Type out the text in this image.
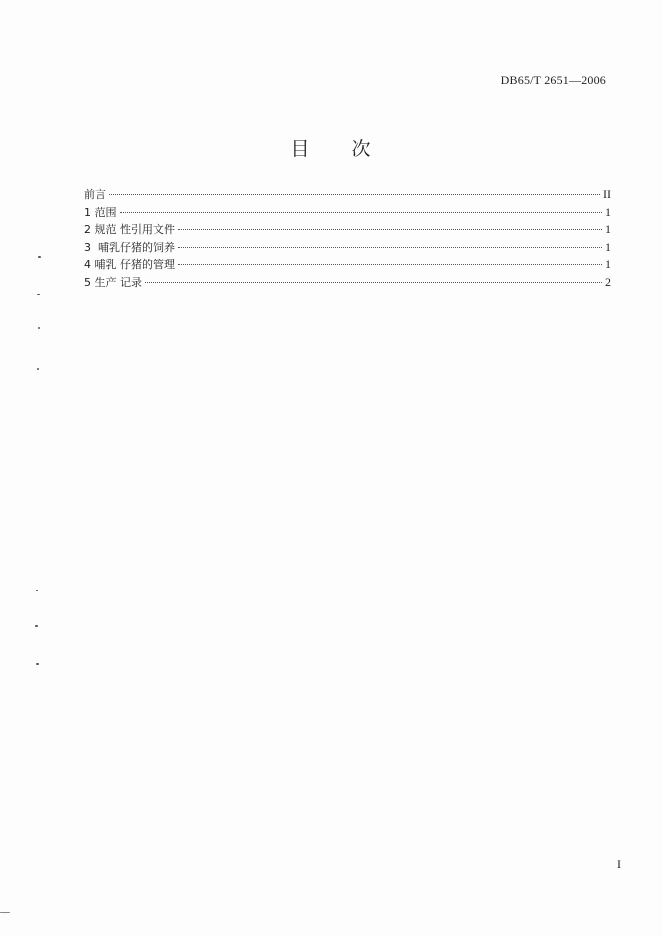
DB65/T 2651—2006
目 次
前言	II
1 范围	1
2 规范 性引用文件	1
3  哺乳仔猪的饲养	1
4 哺乳 仔猪的管理	1
5 生产 记录	2
I
